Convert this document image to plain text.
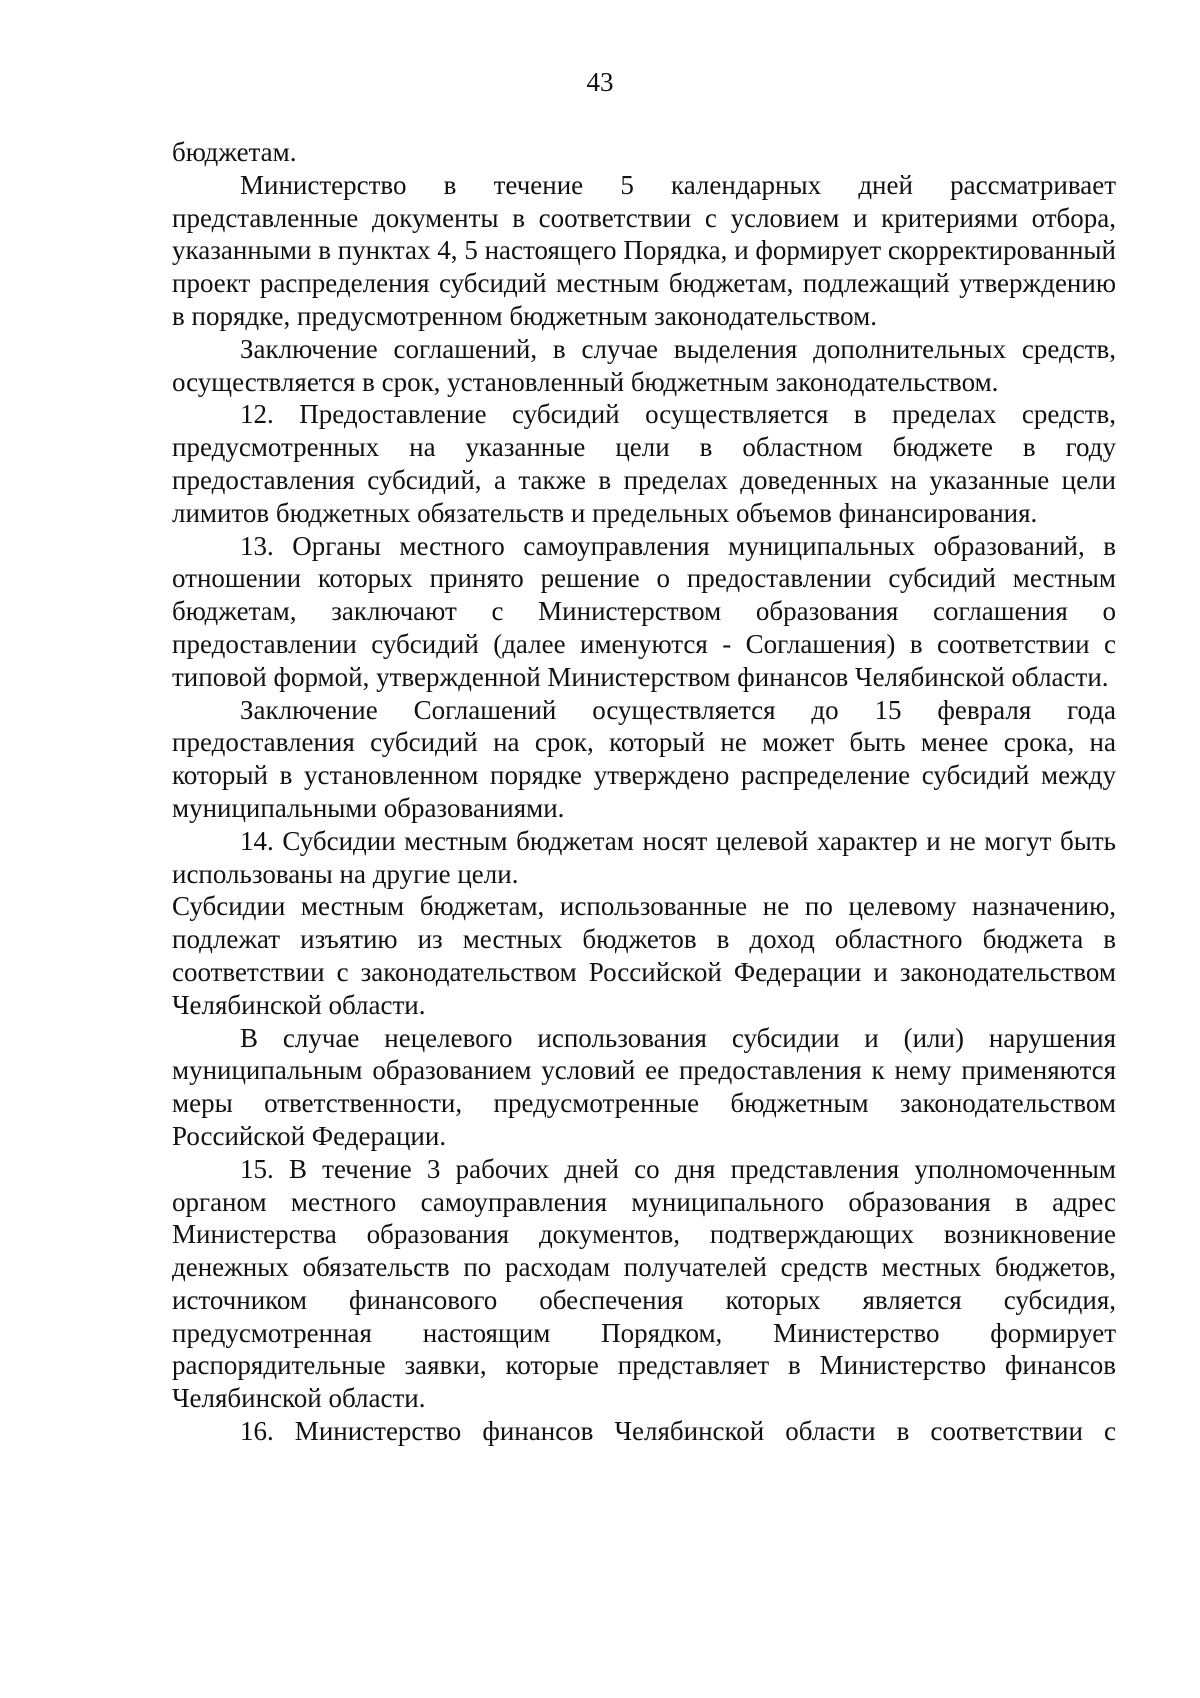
43

бюджетам.

Министерство в течение 5 календарных дней рассматривает представленные документы в соответствии с условием и критериями отбора, указанными в пунктах 4, 5 настоящего Порядка, и формирует скорректированный проект распределения субсидий местным бюджетам, подлежащий утверждению в порядке, предусмотренном бюджетным законодательством.

Заключение соглашений, в случае выделения дополнительных средств, осуществляется в срок, установленный бюджетным законодательством.

12. Предоставление субсидий осуществляется в пределах средств, предусмотренных на указанные цели в областном бюджете в году предоставления субсидий, а также в пределах доведенных на указанные цели лимитов бюджетных обязательств и предельных объемов финансирования.

13. Органы местного самоуправления муниципальных образований, в отношении которых принято решение о предоставлении субсидий местным бюджетам, заключают с Министерством образования соглашения о предоставлении субсидий (далее именуются - Соглашения) в соответствии с типовой формой, утвержденной Министерством финансов Челябинской области.

Заключение Соглашений осуществляется до 15 февраля года предоставления субсидий на срок, который не может быть менее срока, на который в установленном порядке утверждено распределение субсидий между муниципальными образованиями.

14. Субсидии местным бюджетам носят целевой характер и не могут быть использованы на другие цели.

Субсидии местным бюджетам, использованные не по целевому назначению, подлежат изъятию из местных бюджетов в доход областного бюджета в соответствии с законодательством Российской Федерации и законодательством Челябинской области.

В случае нецелевого использования субсидии и (или) нарушения муниципальным образованием условий ее предоставления к нему применяются меры ответственности, предусмотренные бюджетным законодательством Российской Федерации.

15. В течение 3 рабочих дней со дня представления уполномоченным органом местного самоуправления муниципального образования в адрес Министерства образования документов, подтверждающих возникновение денежных обязательств по расходам получателей средств местных бюджетов, источником финансового обеспечения которых является субсидия, предусмотренная настоящим Порядком, Министерство формирует распорядительные заявки, которые представляет в Министерство финансов Челябинской области.

16. Министерство финансов Челябинской области в соответствии с
